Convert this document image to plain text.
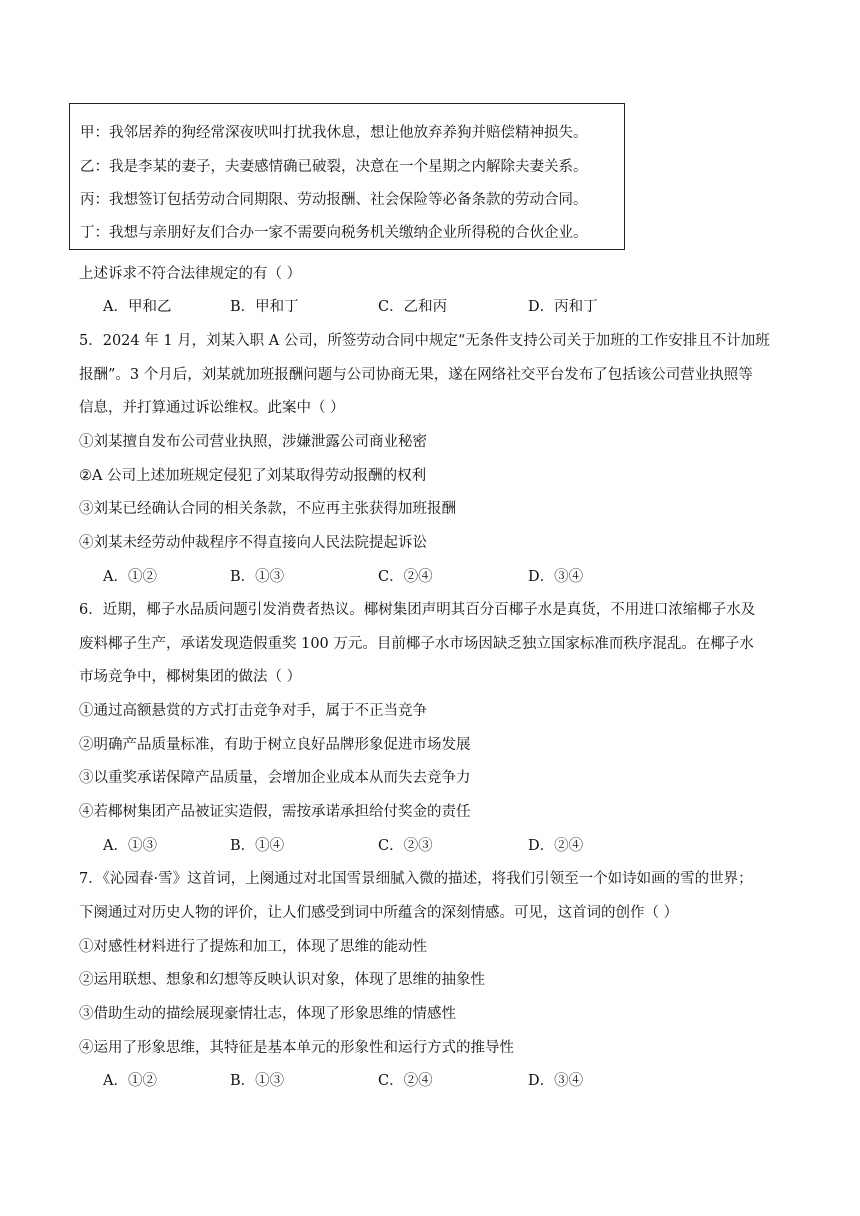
甲：我邻居养的狗经常深夜吠叫打扰我休息，想让他放弃养狗并赔偿精神损失。
乙：我是李某的妻子，夫妻感情确已破裂，决意在一个星期之内解除夫妻关系。
丙：我想签订包括劳动合同期限、劳动报酬、社会保险等必备条款的劳动合同。
丁：我想与亲朋好友们合办一家不需要向税务机关缴纳企业所得税的合伙企业。
上述诉求不符合法律规定的有（ ）
A．甲和乙	B．甲和丁	C．乙和丙	D．丙和丁
5．2024 年 1 月，刘某入职 A 公司，所签劳动合同中规定“无条件支持公司关于加班的工作安排且不计加班
报酬”。3 个月后，刘某就加班报酬问题与公司协商无果，遂在网络社交平台发布了包括该公司营业执照等
信息，并打算通过诉讼维权。此案中（ ）
①刘某擅自发布公司营业执照，涉嫌泄露公司商业秘密
②A 公司上述加班规定侵犯了刘某取得劳动报酬的权利
③刘某已经确认合同的相关条款，不应再主张获得加班报酬
④刘某未经劳动仲裁程序不得直接向人民法院提起诉讼
A．①②	B．①③	C．②④	D．③④
6．近期，椰子水品质问题引发消费者热议。椰树集团声明其百分百椰子水是真货，不用进口浓缩椰子水及
废料椰子生产，承诺发现造假重奖 100 万元。目前椰子水市场因缺乏独立国家标准而秩序混乱。在椰子水
市场竞争中，椰树集团的做法（ ）
①通过高额悬赏的方式打击竞争对手，属于不正当竞争
②明确产品质量标准，有助于树立良好品牌形象促进市场发展
③以重奖承诺保障产品质量，会增加企业成本从而失去竞争力
④若椰树集团产品被证实造假，需按承诺承担给付奖金的责任
A．①③	B．①④	C．②③	D．②④
7．《沁园春·雪》这首词，上阕通过对北国雪景细腻入微的描述，将我们引领至一个如诗如画的雪的世界；
下阕通过对历史人物的评价，让人们感受到词中所蕴含的深刻情感。可见，这首词的创作（ ）
①对感性材料进行了提炼和加工，体现了思维的能动性
②运用联想、想象和幻想等反映认识对象，体现了思维的抽象性
③借助生动的描绘展现豪情壮志，体现了形象思维的情感性
④运用了形象思维，其特征是基本单元的形象性和运行方式的推导性
A．①②	B．①③	C．②④	D．③④
